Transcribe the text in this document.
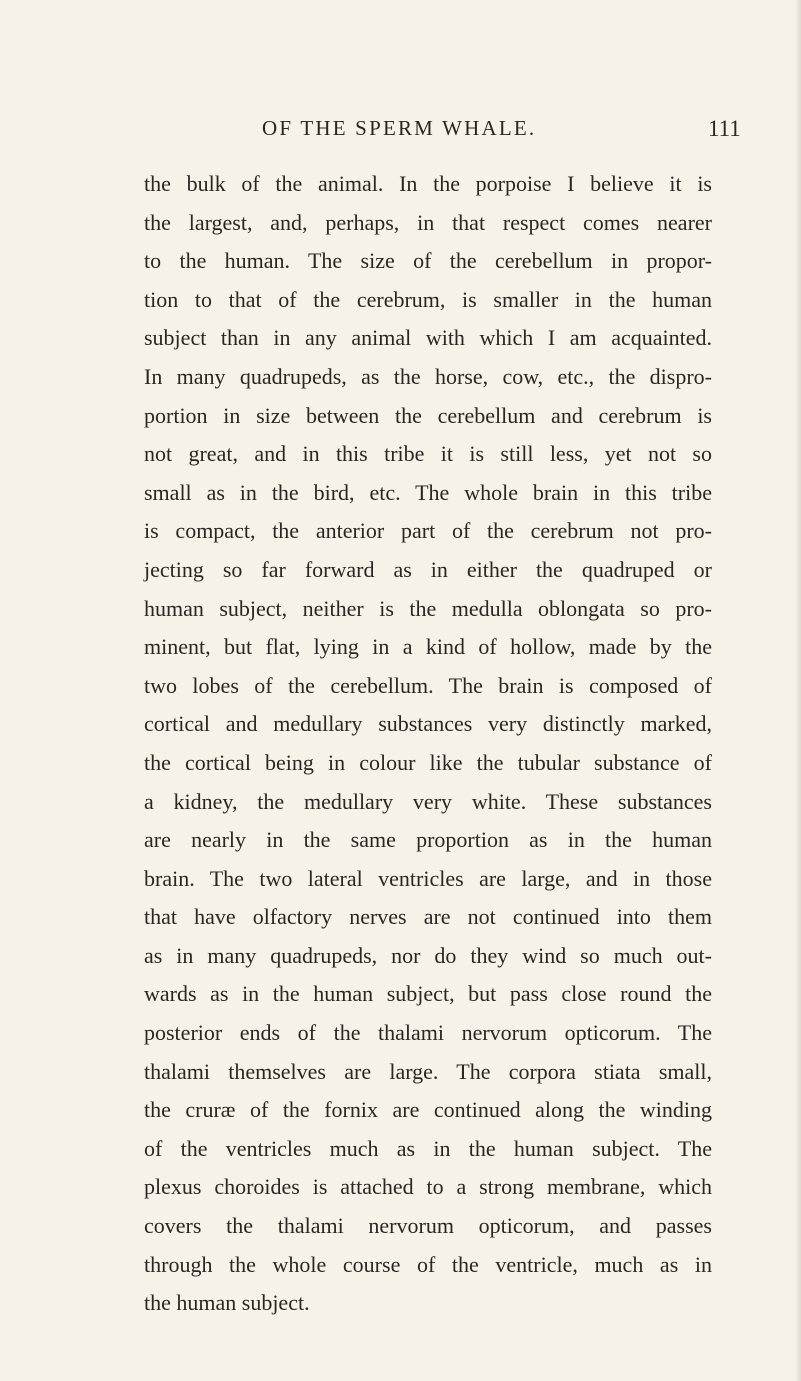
OF THE SPERM WHALE.	111
the bulk of the animal. In the porpoise I believe it is
the largest, and, perhaps, in that respect comes nearer
to the human. The size of the cerebellum in propor-
tion to that of the cerebrum, is smaller in the human
subject than in any animal with which I am acquainted.
In many quadrupeds, as the horse, cow, etc., the dispro-
portion in size between the cerebellum and cerebrum is
not great, and in this tribe it is still less, yet not so
small as in the bird, etc. The whole brain in this tribe
is compact, the anterior part of the cerebrum not pro-
jecting so far forward as in either the quadruped or
human subject, neither is the medulla oblongata so pro-
minent, but flat, lying in a kind of hollow, made by the
two lobes of the cerebellum. The brain is composed of
cortical and medullary substances very distinctly marked,
the cortical being in colour like the tubular substance of
a kidney, the medullary very white. These substances
are nearly in the same proportion as in the human
brain. The two lateral ventricles are large, and in those
that have olfactory nerves are not continued into them
as in many quadrupeds, nor do they wind so much out-
wards as in the human subject, but pass close round the
posterior ends of the thalami nervorum opticorum. The
thalami themselves are large. The corpora stiata small,
the cruræ of the fornix are continued along the winding
of the ventricles much as in the human subject. The
plexus choroides is attached to a strong membrane, which
covers the thalami nervorum opticorum, and passes
through the whole course of the ventricle, much as in
the human subject.
